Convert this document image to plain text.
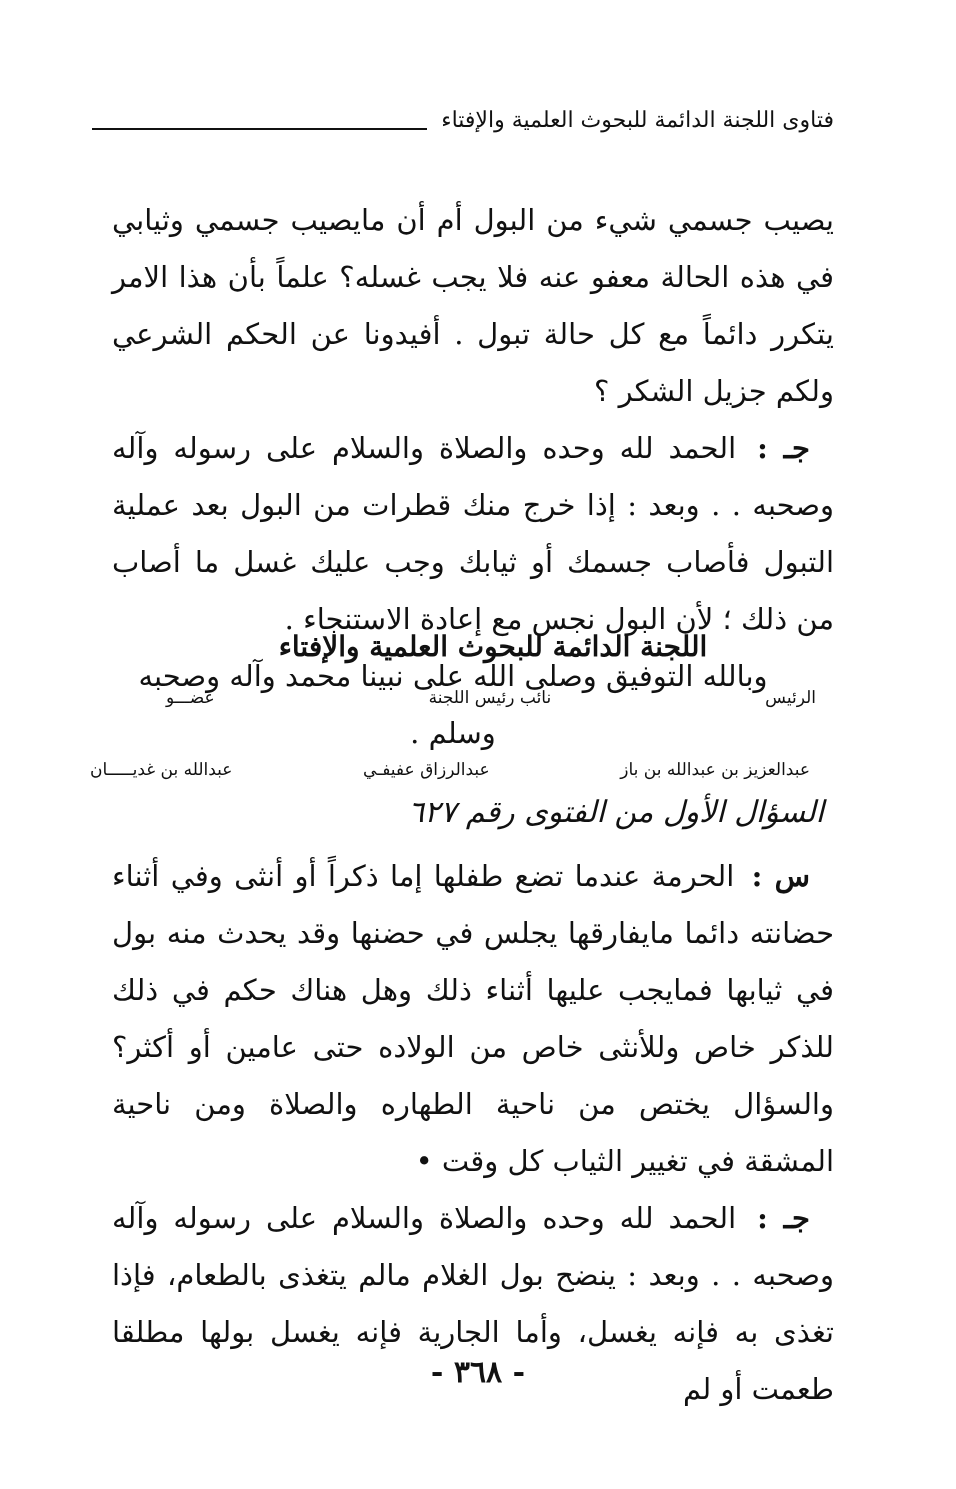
فتاوى اللجنة الدائمة للبحوث العلمية والإفتاء
يصيب جسمي شيء من البول أم أن مايصيب جسمي وثيابي في هذه الحالة معفو عنه فلا يجب غسله؟ علماً بأن هذا الامر يتكرر دائماً مع كل حالة تبول . أفيدونا عن الحكم الشرعي ولكم جزيل الشكر ؟
جـ : الحمد لله وحده والصلاة والسلام على رسوله وآله وصحبه . . وبعد : إذا خرج منك قطرات من البول بعد عملية التبول فأصاب جسمك أو ثيابك وجب عليك غسل ما أصاب من ذلك ؛ لأن البول نجس مع إعادة الاستنجاء .
وبالله التوفيق وصلى الله على نبينا محمد وآله وصحبه وسلم .
اللجنة الدائمة للبحوث العلمية والإفتاء
الرئيس
نائب رئيس اللجنة
عضـــو
عبدالعزيز بن عبدالله بن باز
عبدالرزاق عفيفـي
عبدالله بن غديـــــان
السؤال الأول من الفتوى رقم ٦٢٧
س : الحرمة عندما تضع طفلها إما ذكراً أو أنثى وفي أثناء حضانته دائما مايفارقها يجلس في حضنها وقد يحدث منه بول في ثيابها فمايجب عليها أثناء ذلك وهل هناك حكم في ذلك للذكر خاص وللأنثى خاص من الولاده حتى عامين أو أكثر؟ والسؤال يختص من ناحية الطهاره والصلاة ومن ناحية المشقة في تغيير الثياب كل وقت •
جـ : الحمد لله وحده والصلاة والسلام على رسوله وآله وصحبه . . وبعد : ينضح بول الغلام مالم يتغذى بالطعام، فإذا تغذى به فإنه يغسل، وأما الجارية فإنه يغسل بولها مطلقا طعمت أو لم
- ٣٦٨ -
